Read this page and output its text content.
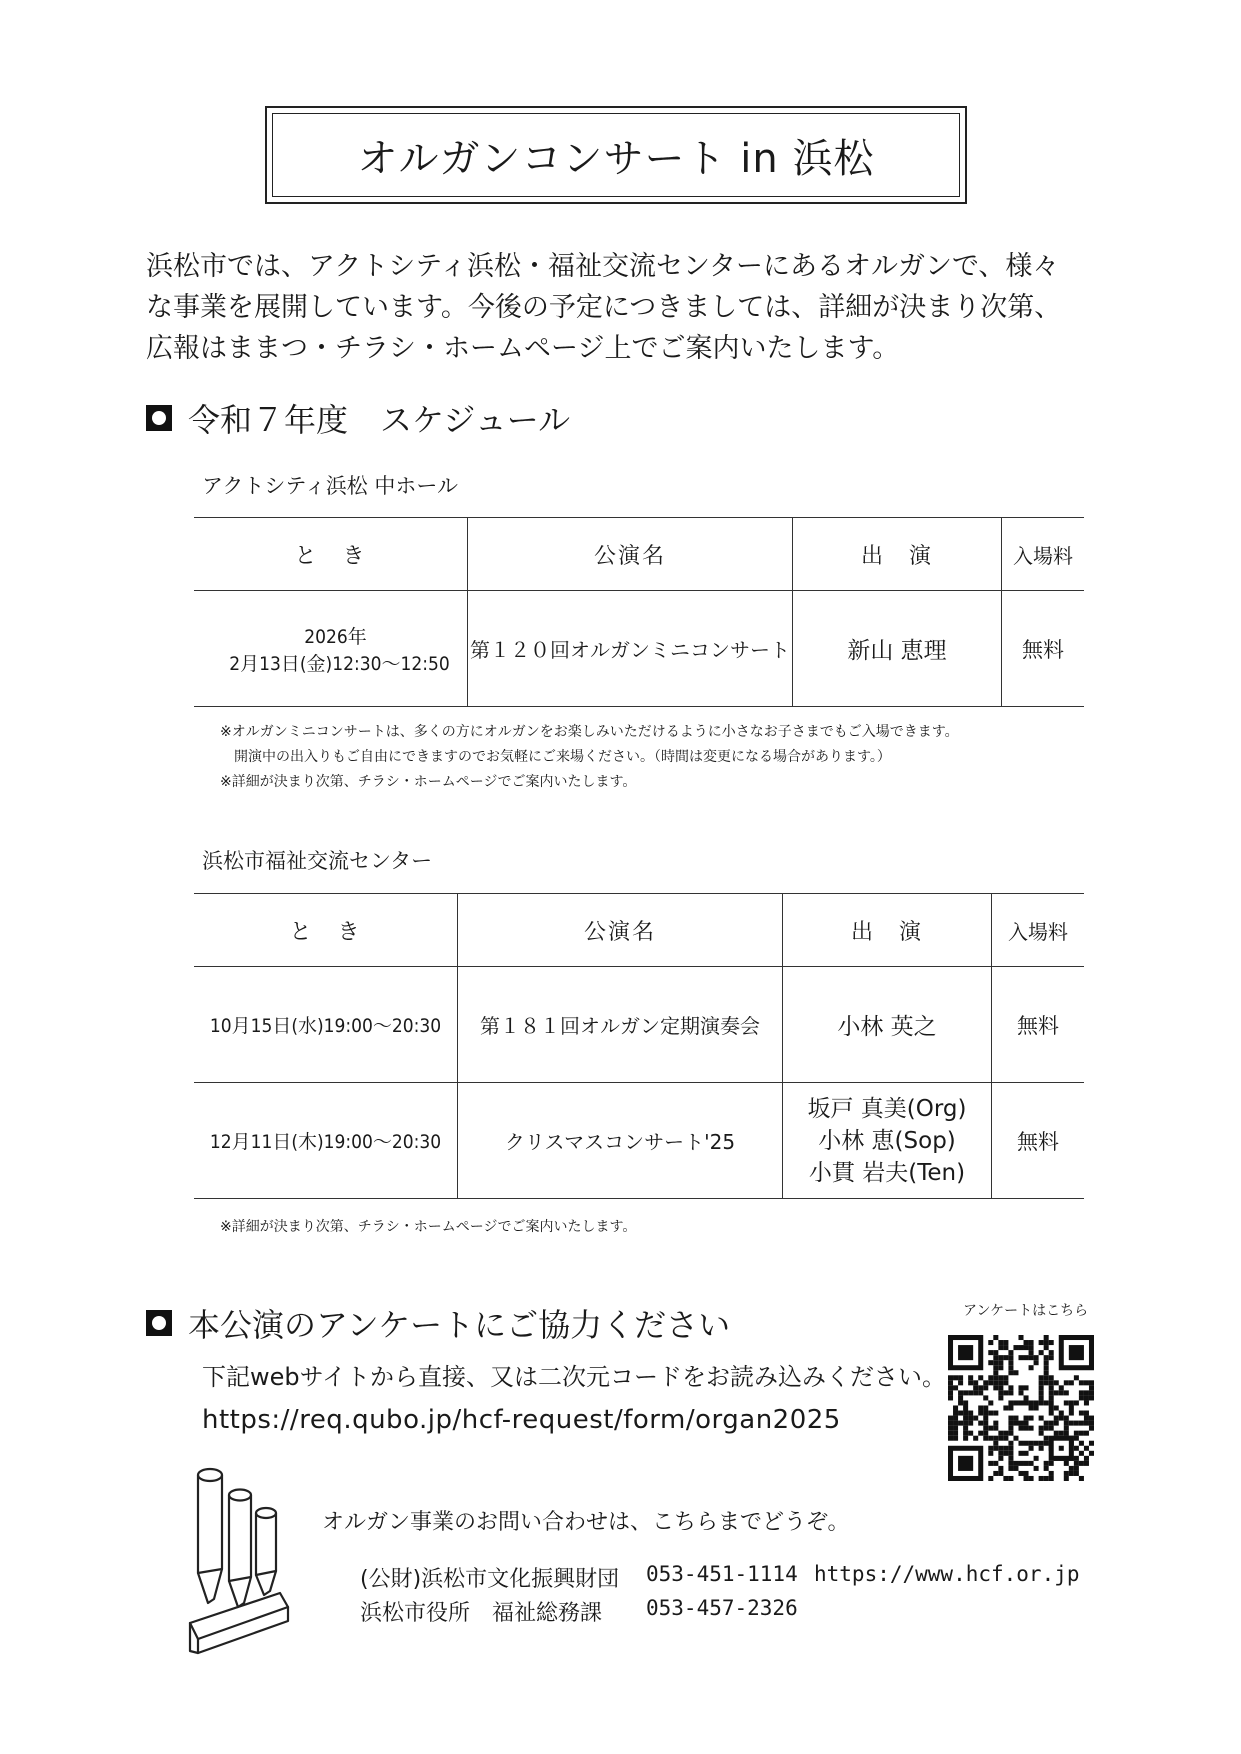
オルガンコンサート in 浜松
浜松市では、アクトシティ浜松・福祉交流センターにあるオルガンで、様々
な事業を展開しています。今後の予定につきましては、詳細が決まり次第、
広報はままつ・チラシ・ホームページ上でご案内いたします。
令和７年度　スケジュール
アクトシティ浜松 中ホール
と　き	公演名	出　演	入場料

2026年
2月13日(金)12:30～12:50	第１２０回オルガンミニコンサート	新山 恵理	無料
※オルガンミニコンサートは、多くの方にオルガンをお楽しみいただけるように小さなお子さまでもご入場できます。
　開演中の出入りもご自由にできますのでお気軽にご来場ください。（時間は変更になる場合があります。）
※詳細が決まり次第、チラシ・ホームページでご案内いたします。
浜松市福祉交流センター
と　き	公演名	出　演	入場料
10月15日(水)19:00～20:30	第１８１回オルガン定期演奏会	小林 英之	無料
12月11日(木)19:00～20:30	クリスマスコンサート'25	坂戸 真美(Org)
小林 恵(Sop)
小貫 岩夫(Ten)	無料
※詳細が決まり次第、チラシ・ホームページでご案内いたします。
本公演のアンケートにご協力ください	アンケートはこちら
下記webサイトから直接、又は二次元コードをお読み込みください。
https://req.qubo.jp/hcf-request/form/organ2025
オルガン事業のお問い合わせは、こちらまでどうぞ。
(公財)浜松市文化振興財団	053-451-1114 https://www.hcf.or.jp
浜松市役所　福祉総務課	053-457-2326
